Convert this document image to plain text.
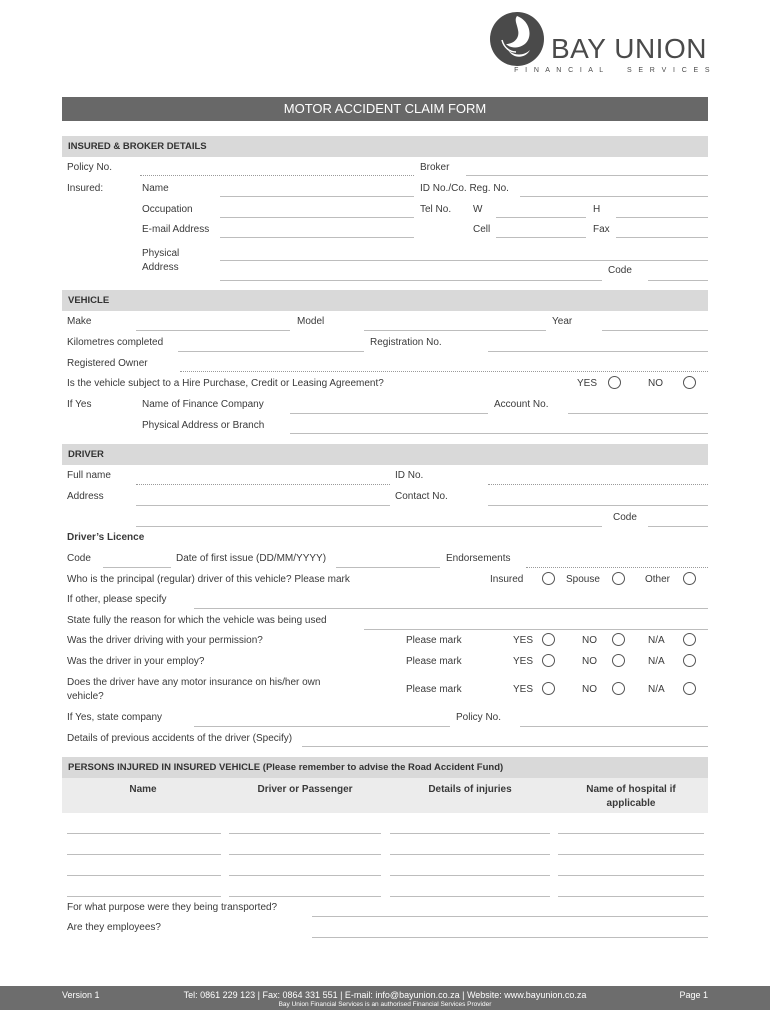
BAY UNION
F I N A N C I A L     S E R V I C E S
MOTOR ACCIDENT CLAIM FORM
INSURED & BROKER DETAILS
Policy No.	Broker
Insured:	Name	ID No./Co. Reg. No.
Occupation	Tel No. W	H
E-mail Address	Cell	Fax
Physical
Address	Code
VEHICLE
Make	Model	Year
Kilometres completed	Registration No.
Registered Owner
Is the vehicle subject to a Hire Purchase, Credit or Leasing Agreement?	YES	NO
If Yes	Name of Finance Company	Account No.
Physical Address or Branch
DRIVER
Full name	ID No.
Address	Contact No.
Code
Driver’s Licence
Code	Date of first issue (DD/MM/YYYY)	Endorsements
Who is the principal (regular) driver of this vehicle? Please mark	Insured	Spouse	Other
If other, please specify
State fully the reason for which the vehicle was being used
Was the driver driving with your permission?	Please mark	YES	NO	N/A
Was the driver in your employ?	Please mark	YES	NO	N/A
Does the driver have any motor insurance on his/her own
vehicle?
Please mark	YES	NO	N/A
If Yes, state company	Policy No.
Details of previous accidents of the driver (Specify)
PERSONS INJURED IN INSURED VEHICLE (Please remember to advise the Road Accident Fund)
Name	Driver or Passenger	Details of injuries	Name of hospital if
applicable
For what purpose were they being transported?
Are they employees?
Version 1	Tel: 0861 229 123 | Fax: 0864 331 551 | E-mail: info@bayunion.co.za | Website: www.bayunion.co.za	Page 1
Bay Union Financial Services is an authorised Financial Services Provider
